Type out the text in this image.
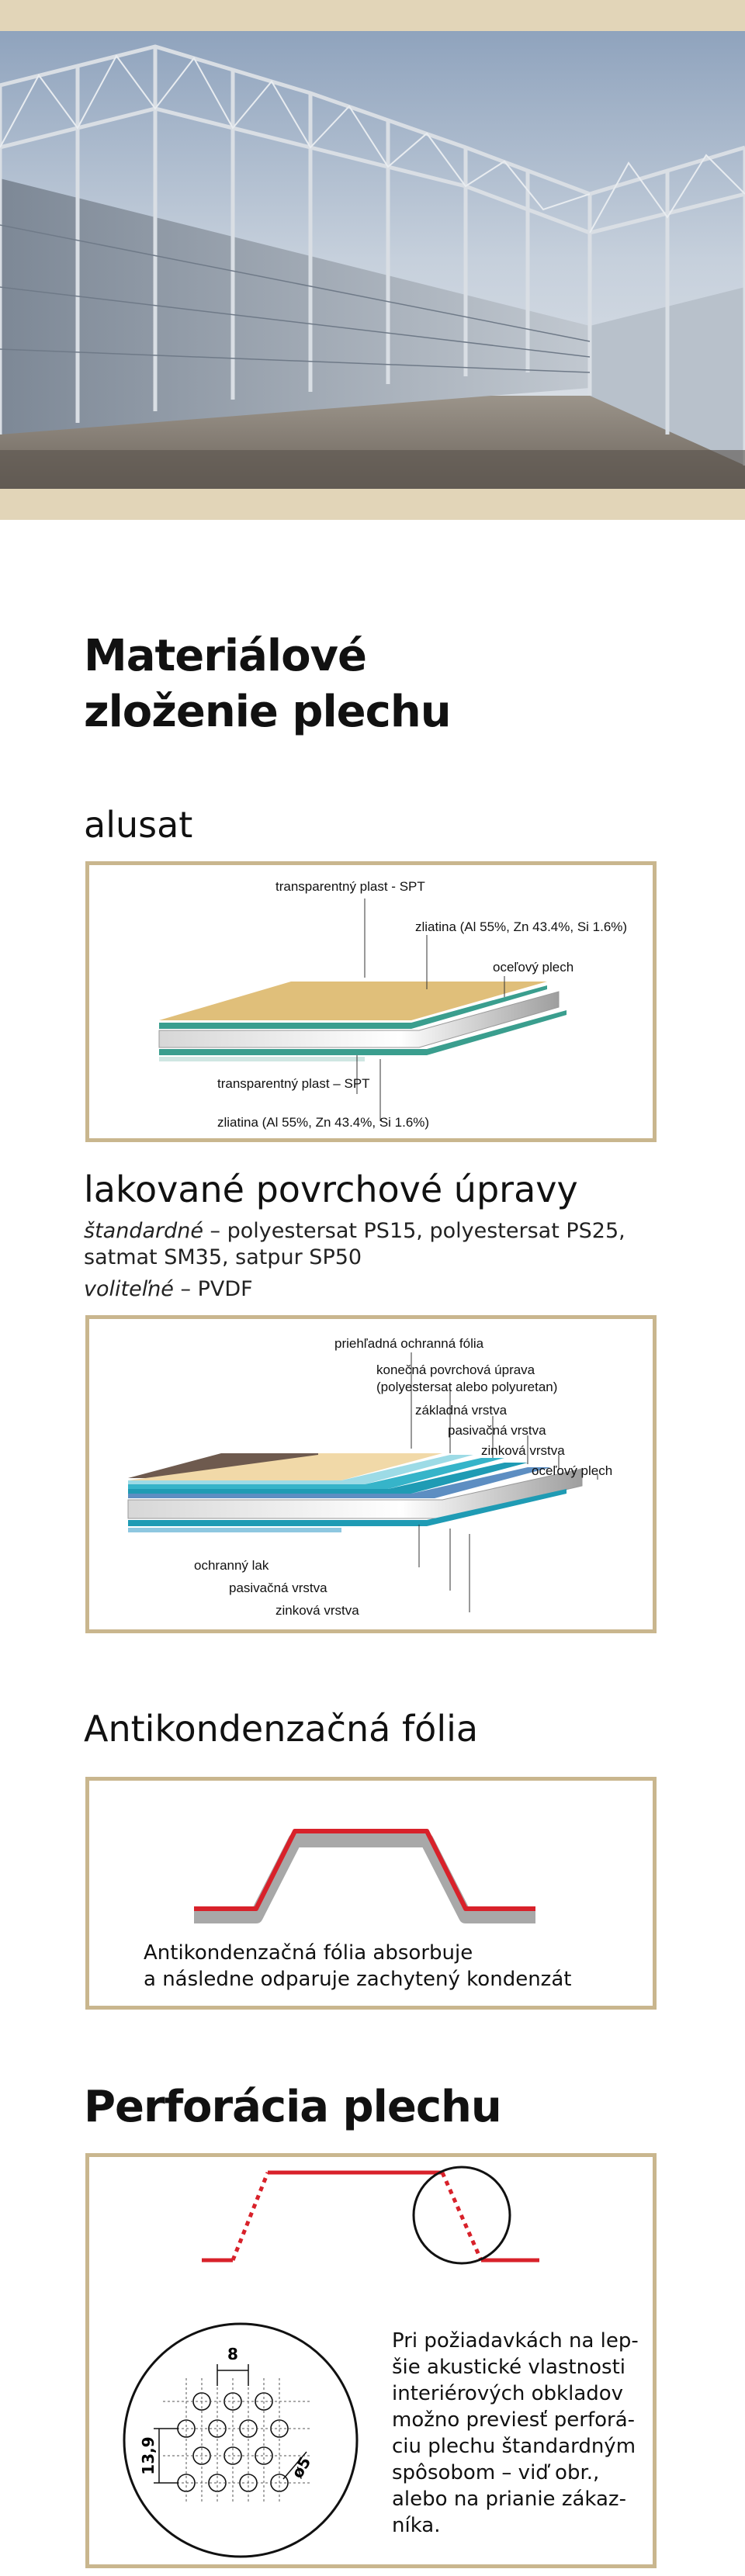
Materiálové
zloženie plechu
alusat
transparentný plast - SPT
zliatina (Al 55%, Zn 43.4%, Si 1.6%)
oceľový plech
transparentný plast – SPT
zliatina (Al 55%, Zn 43.4%, Si 1.6%)
lakované povrchové úpravy
štandardné – polyestersat PS15, polyestersat PS25,
satmat SM35, satpur SP50
voliteľné – PVDF
priehľadná ochranná fólia
konečná povrchová úprava
(polyestersat alebo polyuretan)
základná vrstva
pasivačná vrstva
zinková vrstva
oceľový plech
ochranný lak
pasivačná vrstva
zinková vrstva
Antikondenzačná fólia
Antikondenzačná fólia absorbuje
a následne odparuje zachytený kondenzát
Perforácia plechu
8
13,9	ø5
Pri požiadavkách na lep-
šie akustické vlastnosti
interiérových obkladov
možno previesť perforá-
ciu plechu štandardným
spôsobom – viď obr.,
alebo na prianie zákaz-
níka.
